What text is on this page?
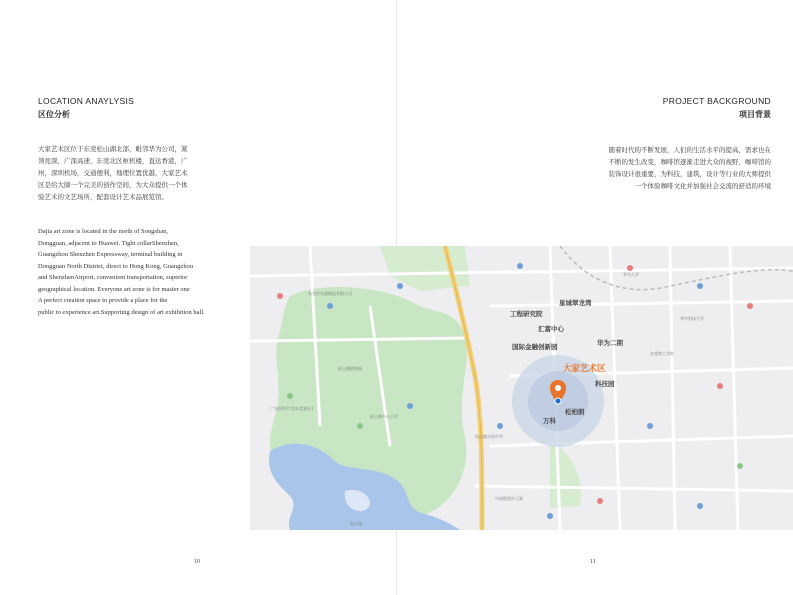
LOCATION ANAYLYSIS
区位分析
大家艺术区位于东莞松山湖北部，毗邻华为公司，紧
领莞深，广深高速，东莞北区枢机楼，直达香港，广
州，深圳机场，交通便利，地理位置优越，大家艺术
区是给大師一个完美的创作空间，为大众提供一个体
验艺术的文艺场所，配套设计艺术品展览馆。
Dajia art zone is located in the north of Songshan,
Dongguan, adjacent to Huawei. Tight collarShenzhen,
Guangzhou Shenzhen Expressway, terminal building in
Dongguan North District, direct to Hong Kong, Guangzhou
and ShenzhenAirport, convenient transportation, superior
geographical location. Everyone art zone is for master one
A perfect creation space to provide a place for the
public to experience art.Supporting design of art exhibition hall.
10
PROJECT BACKGROUND
项目背景
随着时代的不断发展，人们的生活水平的提高，需求也在
不断的发生改变，咖啡馆逐渐走进大众的视野，咖啡馆的
装饰设计很重要，为科技，建筑，设计等行业的大师提供
一个体验咖啡文化并加强社会交流的舒适的环境
11
星城翠龙湾
工程研究院
汇富中心
华为二期
国际金融创新园
科技园
松柏朗
万科
大家艺术区
东莞市乐器制造有限公司
华为大学
松山湖植物园
松山湖中心小学
松山湖实验中学
广东医科大学(东莞校区)
松山湖
华中科技大学
东莞理工学院
中国散裂中子源
